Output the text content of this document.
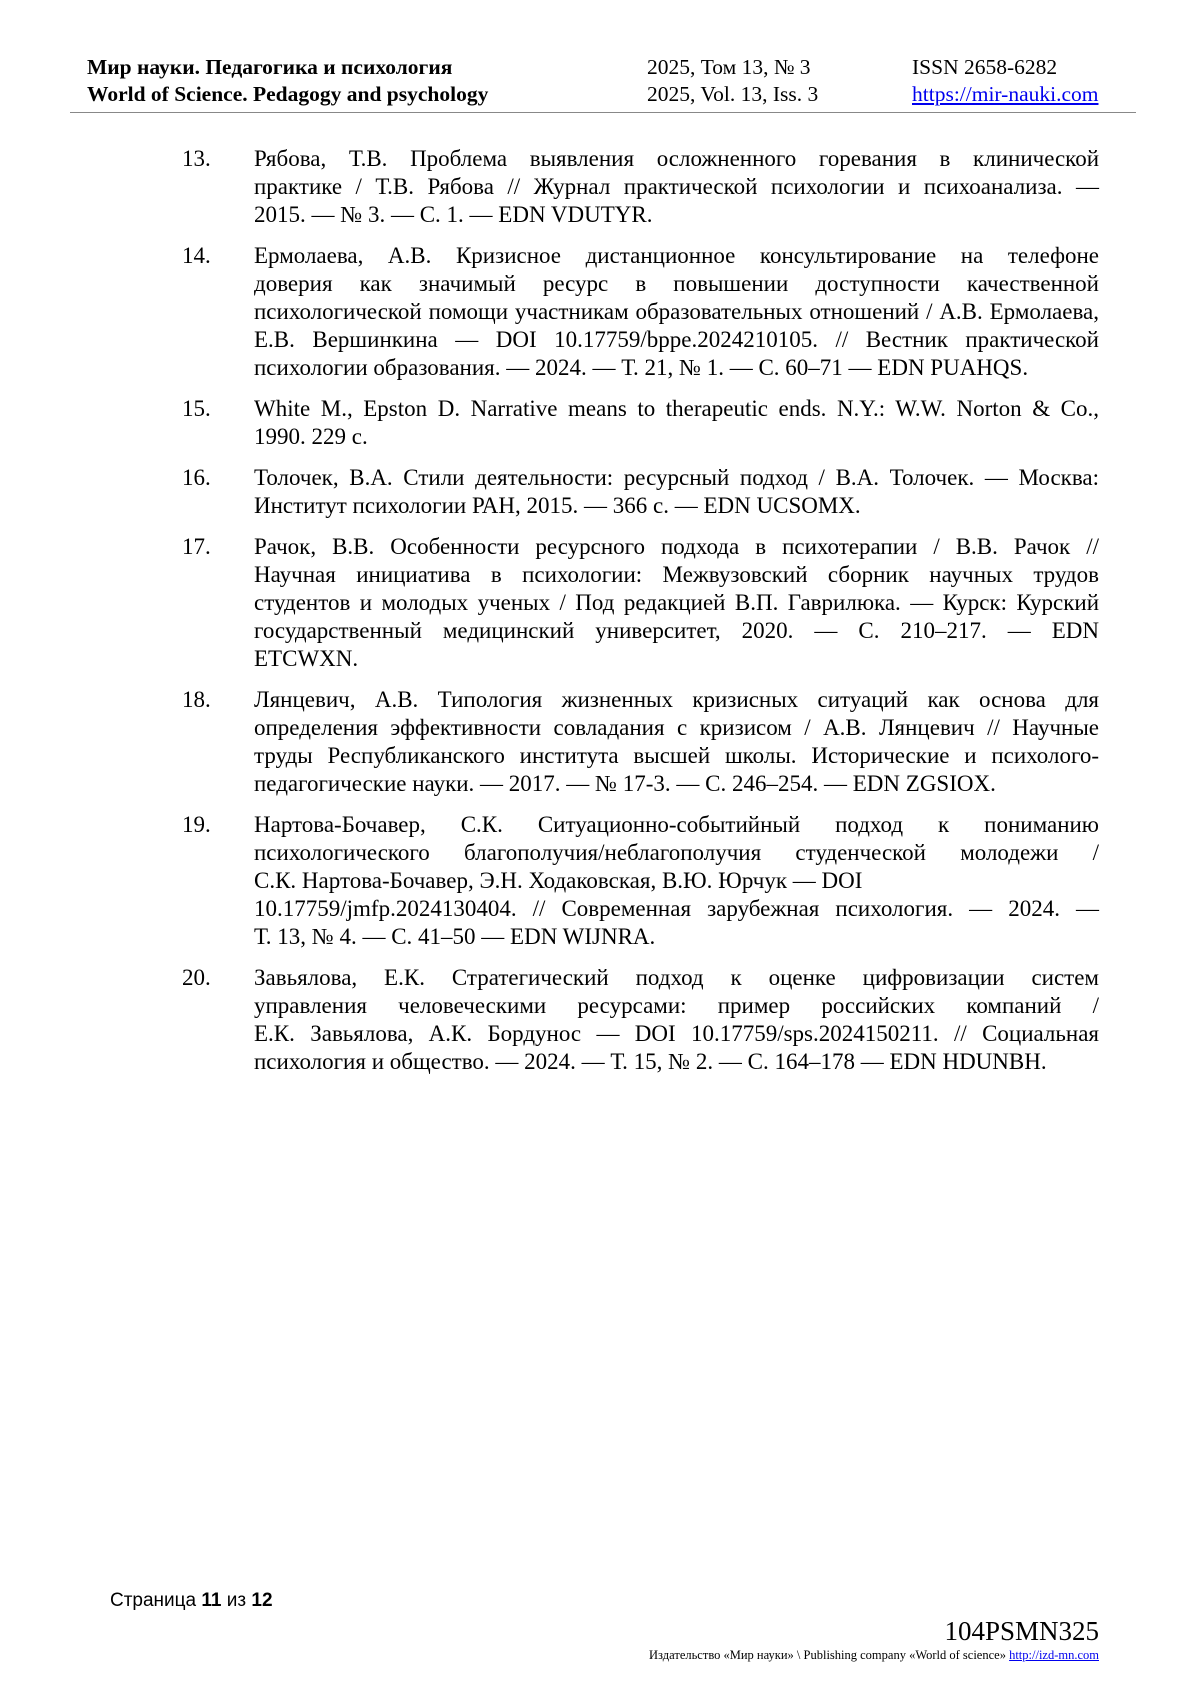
Мир науки. Педагогика и психология
World of Science. Pedagogy and psychology
2025, Том 13, № 3
2025, Vol. 13, Iss. 3
ISSN 2658-6282
https://mir-nauki.com
13. Рябова, Т.В. Проблема выявления осложненного горевания в клинической
практике / Т.В. Рябова // Журнал практической психологии и психоанализа. —
2015. — № 3. — С. 1. — EDN VDUTYR.
14. Ермолаева, А.В. Кризисное дистанционное консультирование на телефоне
доверия как значимый ресурс в повышении доступности качественной
психологической помощи участникам образовательных отношений / А.В. Ермолаева,
Е.В. Вершинкина — DOI 10.17759/bppe.2024210105. // Вестник практической
психологии образования. — 2024. — Т. 21, № 1. — С. 60–71 — EDN PUAHQS.
15. White M., Epston D. Narrative means to therapeutic ends. N.Y.: W.W. Norton & Co.,
1990. 229 с.
16. Толочек, В.А. Стили деятельности: ресурсный подход / В.А. Толочек. — Москва:
Институт психологии РАН, 2015. — 366 с. — EDN UCSOMX.
17. Рачок, В.В. Особенности ресурсного подхода в психотерапии / В.В. Рачок //
Научная инициатива в психологии: Межвузовский сборник научных трудов
студентов и молодых ученых / Под редакцией В.П. Гаврилюка. — Курск: Курский
государственный медицинский университет, 2020. — С. 210–217. — EDN
ETCWXN.
18. Лянцевич, А.В. Типология жизненных кризисных ситуаций как основа для
определения эффективности совладания с кризисом / А.В. Лянцевич // Научные
труды Республиканского института высшей школы. Исторические и психолого-
педагогические науки. — 2017. — № 17-3. — С. 246–254. — EDN ZGSIOX.
19. Нартова-Бочавер, С.К. Ситуационно-событийный подход к пониманию
психологического благополучия/неблагополучия студенческой молодежи /
С.К. Нартова-Бочавер, Э.Н. Ходаковская, В.Ю. Юрчук — DOI
10.17759/jmfp.2024130404. // Современная зарубежная психология. — 2024. —
Т. 13, № 4. — С. 41–50 — EDN WIJNRA.
20. Завьялова, Е.К. Стратегический подход к оценке цифровизации систем
управления человеческими ресурсами: пример российских компаний /
Е.К. Завьялова, А.К. Бордунос — DOI 10.17759/sps.2024150211. // Социальная
психология и общество. — 2024. — Т. 15, № 2. — С. 164–178 — EDN HDUNBH.
Страница 11 из 12
104PSMN325
Издательство «Мир науки» \ Publishing company «World of science» http://izd-mn.com
